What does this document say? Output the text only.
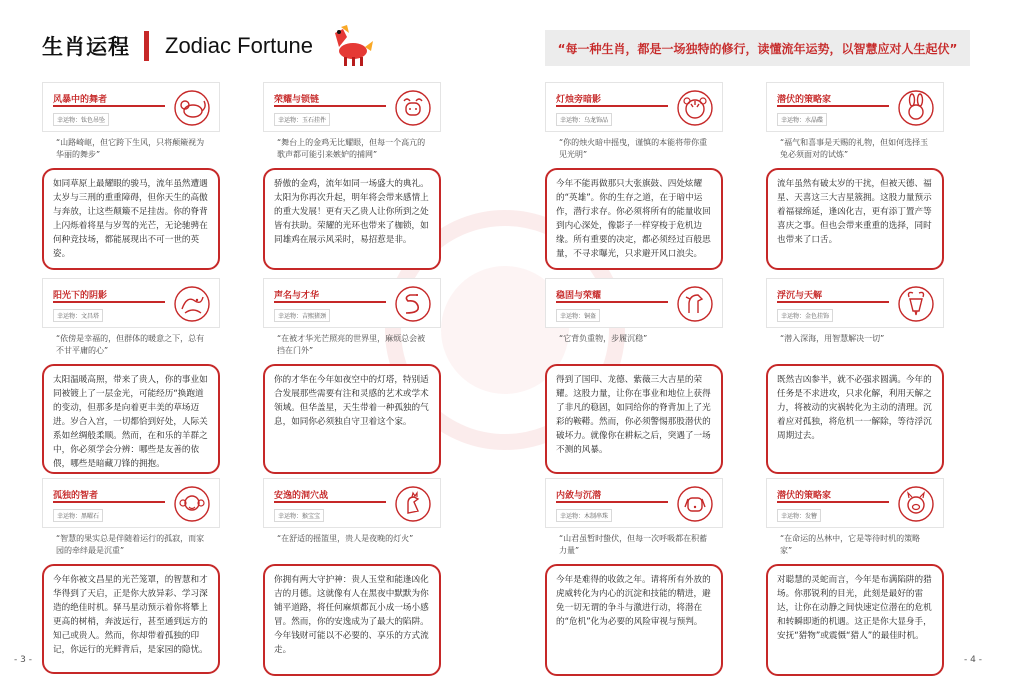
生肖运程 Zodiac Fortune	“每一种生肖，都是一场独特的修行，读懂流年运势，以智慧应对人生起伏”
风暴中的舞者
幸运物：钛色吊坠
“山路崎岖，但它跨下生风，只将颠簸视为华丽的舞步”
如同草原上最耀眼的骏马，流年虽然遭遇太岁与三刑的重重障碍，但你天生的高傲与奔放，让这些颠簸不足挂齿。你的脊背上闪烁着将星与岁驾的光芒，无论驰骋在何种竞技场，都能展现出不可一世的英姿。
荣耀与锁链
幸运物：玉石挂件
“舞台上的金鸡无比耀眼，但每一个高亢的歌声都可能引来嫉妒的捕网”
骄傲的金鸡，流年如同一场盛大的典礼。太阳为你再次升起，明年将会带来感情上的重大发展！更有天乙贵人让你所到之处皆有扶助。荣耀的光环也带来了枷锁，如同雄鸡在展示风采时，易招惹是非。
灯烛旁暗影
幸运物：乌龙饰品
“你的烛火暗中摇曳，谨慎的本能将带你重见光明”
今年不能再做那只大张旗鼓、四处炫耀的“英雄”。你的生存之道，在于暗中运作，潜行求存。你必须将所有的能量收回到内心深处，像影子一样穿梭于危机边缘。所有重要的决定，都必须经过百般思量，不寻求曝光，只求避开风口浪尖。
潜伏的策略家
幸运物：水晶碟
“福气和喜事是天赐的礼物，但如何选择玉兔必须面对的试炼”
流年虽然有破太岁的干扰，但被天德、福星、天喜这三大吉星簇拥。这股力量预示着福禄绵延，逢凶化吉，更有添丁置产等喜庆之事。但也会带来重重的选择，同时也带来了口舌。
阳光下的阴影
幸运物：文昌塔
“依傍是幸福的，但群体的暖意之下，总有不甘平庸的心”
太阳温暖高照，带来了贵人，你的事业如同被镀上了一层金光，可能经历“换跑道的变动，但那多是向着更丰美的草场迈进。岁合入宫，一切都恰到好处，人际关系如丝绸般柔顺。然而，在和乐的羊群之中，你必须学会分辨：哪些是友善的依偎，哪些是暗藏刀锋的拥抱。
声名与才华
幸运物：吉熙猪颈
“在被才华光芒照亮的世界里，麻烦总会被挡在门外”
你的才华在今年如夜空中的灯塔，特别适合发展那些需要有注和灵感的艺术或学术领域。但华盖星，天生带着一种孤独的气息，如同你必须独自守卫着这个家。
稳固与荣耀
幸运物：铜盔
“它背负重物，步履沉稳”
得到了国印、龙德、紫薇三大吉星的荣耀。这股力量，让你在事业和地位上获得了非凡的稳固，如同给你的脊背加上了光彩的鞍鞯。然而，你必须警惕那股潜伏的破坏力。就像你在耕耘之后，突遇了一场不测的风暴。
浮沉与天解
幸运物：金色挂饰
“潜入深海，用智慧解决一切”
既然吉凶参半，就不必强求圆满。今年的任务是不求进攻，只求化解，利用天解之力，将被动的灾祸转化为主动的清理。沉着应对孤独，将危机一一解除，等待浮沉周期过去。
孤独的智者
幸运物：黑曜石
“智慧的果实总是伴随着运行的孤寂，而家园的牵绊最是沉重”
今年你被文昌星的光芒笼罩，的智慧和才华得到了天启，正是你大放异彩、学习深造的绝佳时机。驿马星动预示着你将攀上更高的树梢，奔波远行，甚至通到远方的知己或贵人。然而，你却带着孤独的印记，你远行的光鲜背后，是家园的隐忧。
安逸的洞穴战
幸运物：猴宝宝
“在舒适的摇篮里，贵人是夜晚的灯火”
你拥有两大守护神：贵人玉堂和能逢凶化吉的月德。这就像有人在黑夜中默默为你铺平道路，将任何麻烦都瓦小成一场小感冒。然而，你的安逸成为了最大的陷阱。今年钱财可能以不必要的、享乐的方式流走。
内敛与沉潜
幸运物：木制串珠
“山君虽暂时蛰伏，但每一次呼吸都在积蓄力量”
今年是难得的收敛之年。请将所有外放的虎威转化为内心的沉淀和技能的精进，避免一切无谓的争斗与激进行动，将潜在的“危机”化为必要的风险审视与预判。
潜伏的策略家
幸运物：发簪
“在命运的丛林中，它是等待时机的策略家”
对聪慧的灵蛇而言，今年是布满陷阱的猎场。你那锐利的目光，此刻是最好的雷达，让你在动静之间快速定位潜在的危机和转瞬即逝的机遇。这正是你大显身手，安抚“猎物”或震慑“猎人”的最佳时机。
- 3 -	- 4 -
